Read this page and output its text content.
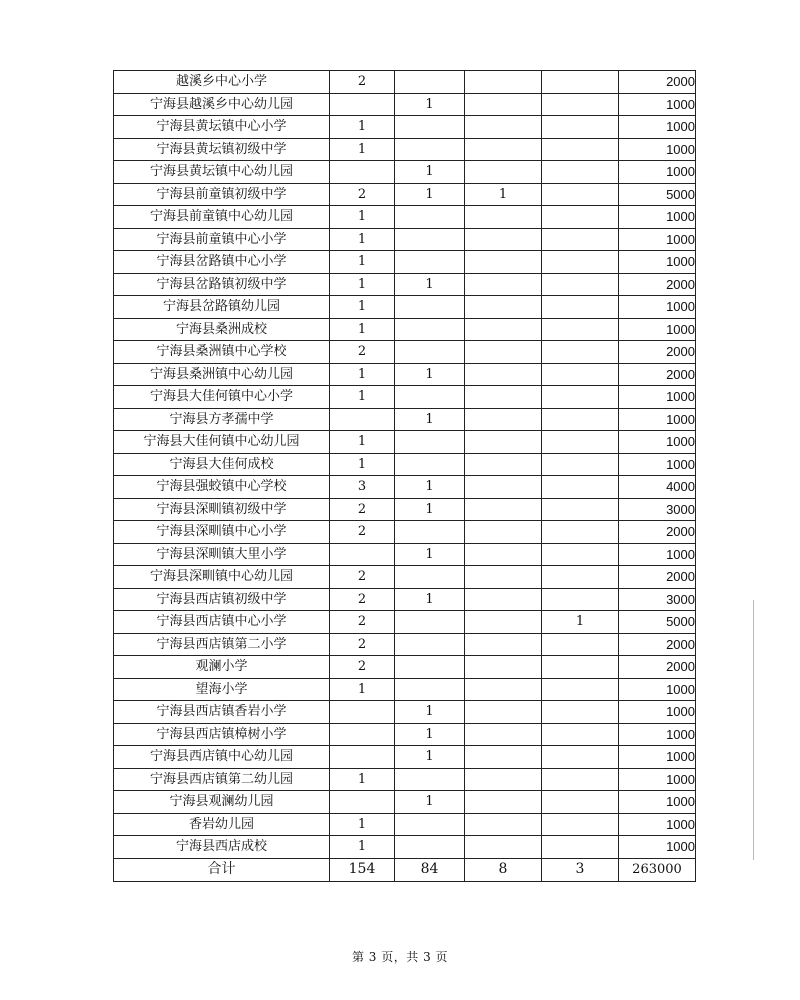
越溪乡中心小学	2				2000
宁海县越溪乡中心幼儿园		1			1000
宁海县黄坛镇中心小学	1				1000
宁海县黄坛镇初级中学	1				1000
宁海县黄坛镇中心幼儿园		1			1000
宁海县前童镇初级中学	2	1	1		5000
宁海县前童镇中心幼儿园	1				1000
宁海县前童镇中心小学	1				1000
宁海县岔路镇中心小学	1				1000
宁海县岔路镇初级中学	1	1			2000
宁海县岔路镇幼儿园	1				1000
宁海县桑洲成校	1				1000
宁海县桑洲镇中心学校	2				2000
宁海县桑洲镇中心幼儿园	1	1			2000
宁海县大佳何镇中心小学	1				1000
宁海县方孝孺中学		1			1000
宁海县大佳何镇中心幼儿园	1				1000
宁海县大佳何成校	1				1000
宁海县强蛟镇中心学校	3	1			4000
宁海县深甽镇初级中学	2	1			3000
宁海县深甽镇中心小学	2				2000
宁海县深甽镇大里小学		1			1000
宁海县深甽镇中心幼儿园	2				2000
宁海县西店镇初级中学	2	1			3000
宁海县西店镇中心小学	2			1	5000
宁海县西店镇第二小学	2				2000
观澜小学	2				2000
望海小学	1				1000
宁海县西店镇香岩小学		1			1000
宁海县西店镇樟树小学		1			1000
宁海县西店镇中心幼儿园		1			1000
宁海县西店镇第二幼儿园	1				1000
宁海县观澜幼儿园		1			1000
香岩幼儿园	1				1000
宁海县西店成校	1				1000
合计	154	84	8	3	263000
第 3 页，共 3 页
